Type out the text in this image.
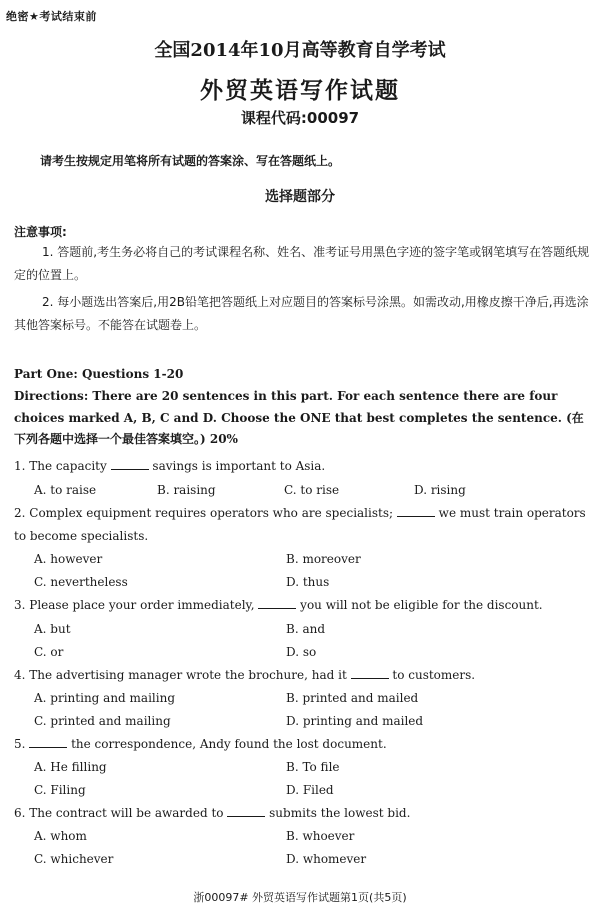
绝密★考试结束前
全国2014年10月高等教育自学考试
外贸英语写作试题
课程代码:00097
请考生按规定用笔将所有试题的答案涂、写在答题纸上。
选择题部分
注意事项:
1. 答题前,考生务必将自己的考试课程名称、姓名、准考证号用黑色字迹的签字笔或钢笔填写在答题纸规定的位置上。
2. 每小题选出答案后,用2B铅笔把答题纸上对应题目的答案标号涂黑。如需改动,用橡皮擦干净后,再选涂其他答案标号。不能答在试题卷上。
Part One: Questions 1-20
Directions: There are 20 sentences in this part. For each sentence there are four choices marked A, B, C and D. Choose the ONE that best completes the sentence. (在下列各题中选择一个最佳答案填空。) 20%
1. The capacity	savings is important to Asia.
A. to raise	B. raising	C. to rise	D. rising
2. Complex equipment requires operators who are specialists;	we must train operators to become specialists.
A. however	B. moreover
C. nevertheless	D. thus
3. Please place your order immediately,	you will not be eligible for the discount.
A. but	B. and
C. or	D. so
4. The advertising manager wrote the brochure, had it	to customers.
A. printing and mailing	B. printed and mailed
C. printed and mailing	D. printing and mailed
5.	the correspondence, Andy found the lost document.
A. He filling	B. To file
C. Filing	D. Filed
6. The contract will be awarded to	submits the lowest bid.
A. whom	B. whoever
C. whichever	D. whomever
浙00097# 外贸英语写作试题第1页(共5页)
